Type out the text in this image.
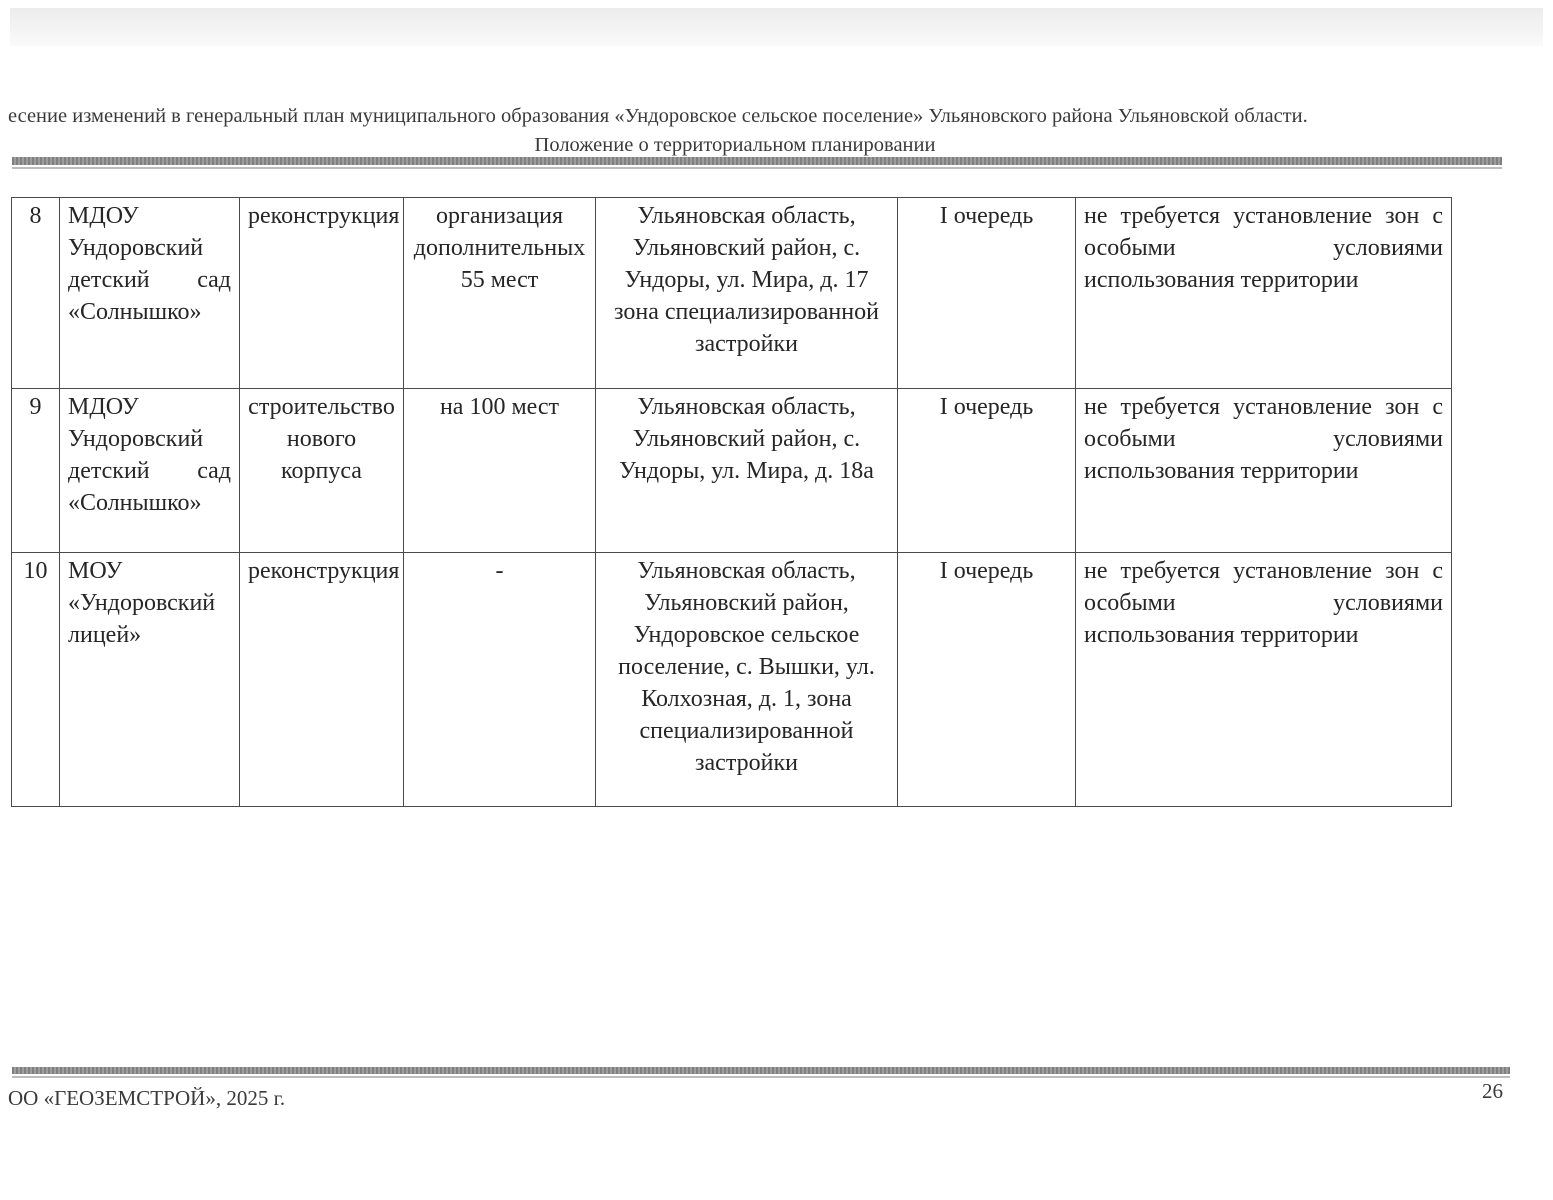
есение изменений в генеральный план муниципального образования «Ундоровское сельское поселение» Ульяновского района Ульяновской области.
Положение о территориальном планировании
8	МДОУ Ундоровский детский сад «Солнышко»	реконструкция	организация дополнительных 55 мест	Ульяновская область, Ульяновский район, с. Ундоры, ул. Мира, д. 17 зона специализированной застройки	I очередь	не требуется установление зон с особыми условиями использования территории
9	МДОУ Ундоровский детский сад «Солнышко»	строительство нового корпуса	на 100 мест	Ульяновская область, Ульяновский район, с. Ундоры, ул. Мира, д. 18а	I очередь	не требуется установление зон с особыми условиями использования территории
10	МОУ «Ундоровский лицей»	реконструкция	-	Ульяновская область, Ульяновский район, Ундоровское сельское поселение, с. Вышки, ул. Колхозная, д. 1, зона специализированной застройки	I очередь	не требуется установление зон с особыми условиями использования территории
ОО «ГЕОЗЕМСТРОЙ», 2025 г.	26
